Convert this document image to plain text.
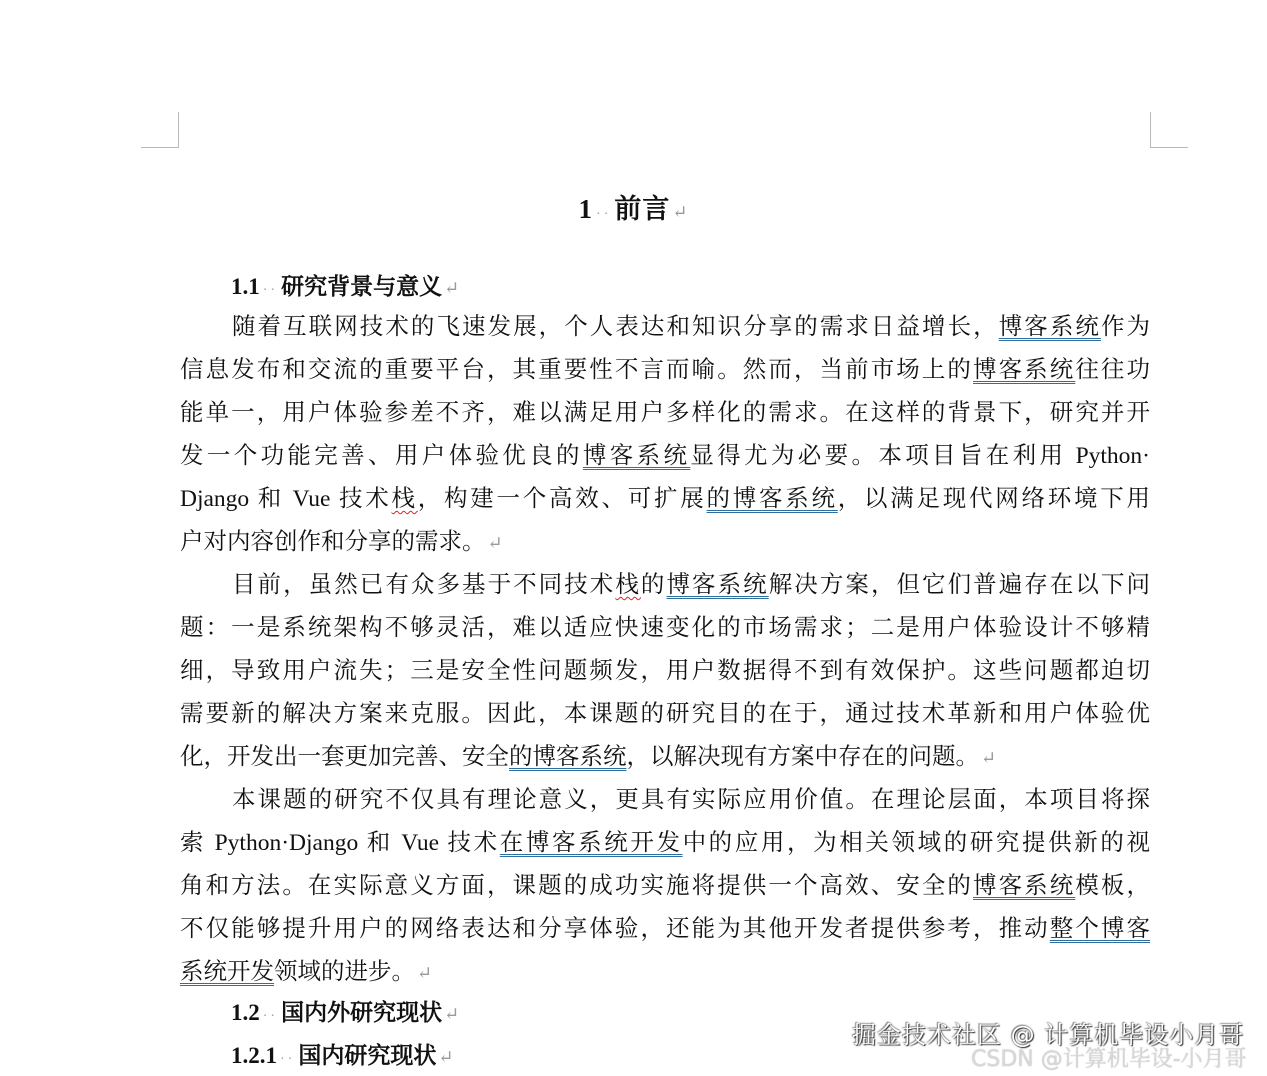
1 ·· 前言 ↵
1.1 ·· 研究背景与意义 ↵
随着互联网技术的飞速发展，个人表达和知识分享的需求日益增长，博客系统作为
信息发布和交流的重要平台，其重要性不言而喻。然而，当前市场上的博客系统往往功
能单一，用户体验参差不齐，难以满足用户多样化的需求。在这样的背景下，研究并开
发一个功能完善、用户体验优良的博客系统显得尤为必要。本项目旨在利用 Python·
Django 和 Vue 技术栈，构建一个高效、可扩展的博客系统，以满足现代网络环境下用
户对内容创作和分享的需求。 ↵
目前，虽然已有众多基于不同技术栈的博客系统解决方案，但它们普遍存在以下问
题：一是系统架构不够灵活，难以适应快速变化的市场需求；二是用户体验设计不够精
细，导致用户流失；三是安全性问题频发，用户数据得不到有效保护。这些问题都迫切
需要新的解决方案来克服。因此，本课题的研究目的在于，通过技术革新和用户体验优
化，开发出一套更加完善、安全的博客系统，以解决现有方案中存在的问题。 ↵
本课题的研究不仅具有理论意义，更具有实际应用价值。在理论层面，本项目将探
索 Python·Django 和 Vue 技术在博客系统开发中的应用，为相关领域的研究提供新的视
角和方法。在实际意义方面，课题的成功实施将提供一个高效、安全的博客系统模板，
不仅能够提升用户的网络表达和分享体验，还能为其他开发者提供参考，推动整个博客
系统开发领域的进步。 ↵
1.2 ·· 国内外研究现状 ↵
1.2.1 ·· 国内研究现状 ↵
掘金技术社区 @ 计算机毕设小月哥
CSDN @计算机毕设-小月哥
